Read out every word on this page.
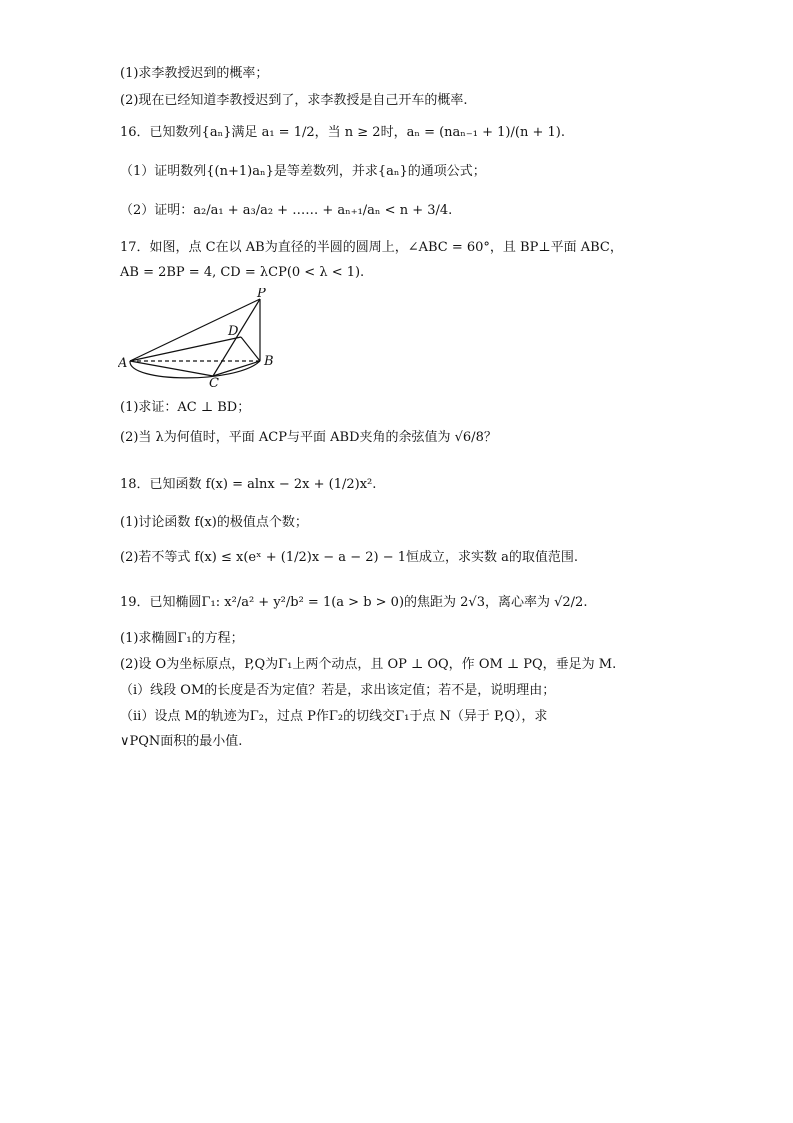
(1)求李教授迟到的概率；
(2)现在已经知道李教授迟到了，求李教授是自己开车的概率.
16．已知数列{aₙ}满足 a₁ = 1/2，当 n ≥ 2时，aₙ = (naₙ₋₁ + 1)/(n + 1).
（1）证明数列{(n+1)aₙ}是等差数列，并求{aₙ}的通项公式；
（2）证明：a₂/a₁ + a₃/a₂ + …… + aₙ₊₁/aₙ < n + 3/4.
17．如图，点 C在以 AB为直径的半圆的圆周上，∠ABC = 60°，且 BP⊥平面 ABC，
AB = 2BP = 4, CD = λCP(0 < λ < 1).
P
D
A	B
C
(1)求证：AC ⊥ BD；
(2)当 λ为何值时，平面 ACP与平面 ABD夹角的余弦值为 √6/8？
18．已知函数 f(x) = alnx − 2x + (1/2)x².
(1)讨论函数 f(x)的极值点个数；
(2)若不等式 f(x) ≤ x(eˣ + (1/2)x − a − 2) − 1恒成立，求实数 a的取值范围.
19．已知椭圆Γ₁: x²/a² + y²/b² = 1(a > b > 0)的焦距为 2√3，离心率为 √2/2.
(1)求椭圆Γ₁的方程；
(2)设 O为坐标原点，P,Q为Γ₁上两个动点，且 OP ⊥ OQ，作 OM ⊥ PQ，垂足为 M.
（i）线段 OM的长度是否为定值？若是，求出该定值；若不是，说明理由；
（ii）设点 M的轨迹为Γ₂，过点 P作Γ₂的切线交Γ₁于点 N（异于 P,Q），求
∨PQN面积的最小值.
